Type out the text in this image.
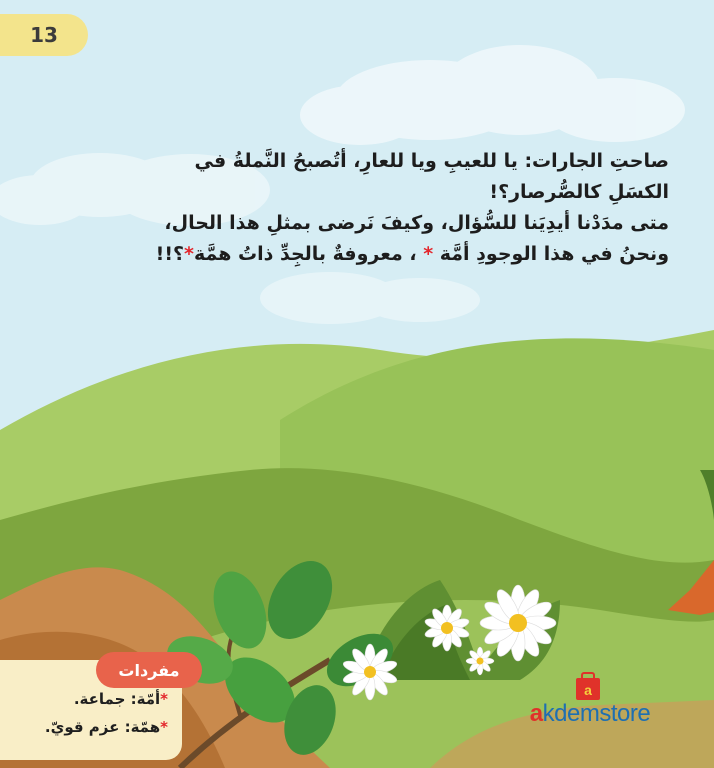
13
صاحتِ الجارات: يا للعيبِ ويا للعارِ، أتُصبحُ النَّملةُ في
الكسَلِ كالصُّرصار؟!
متى مدَدْنا أيدِيَنا للسُّؤال، وكيفَ نَرضى بمثلِ هذا الحال،
ونحنُ في هذا الوجودِ أمَّة * ، معروفةٌ بالجِدِّ ذاتُ همَّة*؟!!
مفردات
*أمّة: جماعة.
*همّة: عزم قويّ.
a
akdemstore
